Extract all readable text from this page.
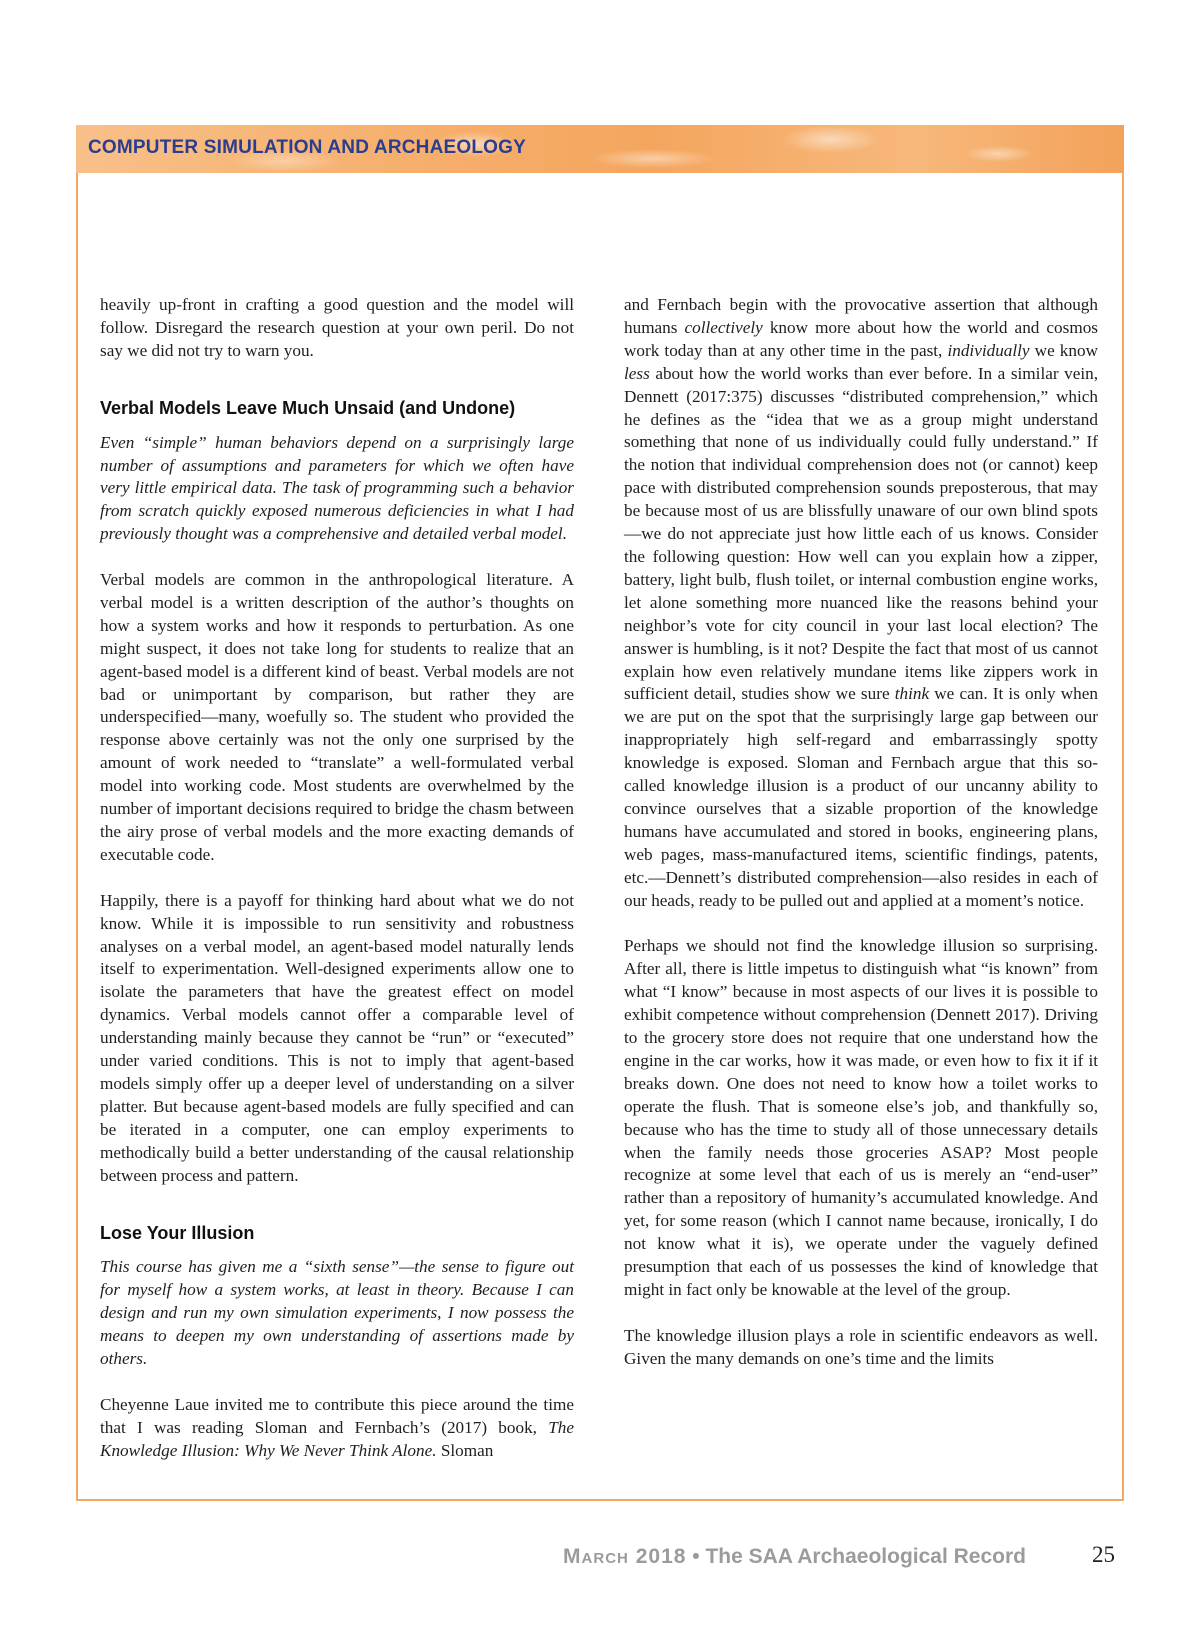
COMPUTER SIMULATION AND ARCHAEOLOGY

heavily up-front in crafting a good question and the model will follow. Disregard the research question at your own peril. Do not say we did not try to warn you.

Verbal Models Leave Much Unsaid (and Undone)

Even “simple” human behaviors depend on a surprisingly large number of assumptions and parameters for which we often have very little empirical data. The task of programming such a behavior from scratch quickly exposed numerous deficiencies in what I had previously thought was a comprehensive and detailed verbal model.

Verbal models are common in the anthropological literature. A verbal model is a written description of the author’s thoughts on how a system works and how it responds to perturbation. As one might suspect, it does not take long for students to realize that an agent-based model is a different kind of beast. Verbal models are not bad or unimportant by comparison, but rather they are underspecified—many, woefully so. The student who provided the response above certainly was not the only one surprised by the amount of work needed to “translate” a well-formulated verbal model into working code. Most students are overwhelmed by the number of important decisions required to bridge the chasm between the airy prose of verbal models and the more exacting demands of executable code.

Happily, there is a payoff for thinking hard about what we do not know. While it is impossible to run sensitivity and robustness analyses on a verbal model, an agent-based model naturally lends itself to experimentation. Well-designed experiments allow one to isolate the parameters that have the greatest effect on model dynamics. Verbal models cannot offer a comparable level of understanding mainly because they cannot be “run” or “executed” under varied conditions. This is not to imply that agent-based models simply offer up a deeper level of understanding on a silver platter. But because agent-based models are fully specified and can be iterated in a computer, one can employ experiments to methodically build a better understanding of the causal relationship between process and pattern.

Lose Your Illusion

This course has given me a “sixth sense”—the sense to figure out for myself how a system works, at least in theory. Because I can design and run my own simulation experiments, I now possess the means to deepen my own understanding of assertions made by others.

Cheyenne Laue invited me to contribute this piece around the time that I was reading Sloman and Fernbach’s (2017) book, The Knowledge Illusion: Why We Never Think Alone. Sloman

and Fernbach begin with the provocative assertion that although humans collectively know more about how the world and cosmos work today than at any other time in the past, individually we know less about how the world works than ever before. In a similar vein, Dennett (2017:375) discusses “distributed comprehension,” which he defines as the “idea that we as a group might understand something that none of us individually could fully understand.” If the notion that individual comprehension does not (or cannot) keep pace with distributed comprehension sounds preposterous, that may be because most of us are blissfully unaware of our own blind spots—we do not appreciate just how little each of us knows. Consider the following question: How well can you explain how a zipper, battery, light bulb, flush toilet, or internal combustion engine works, let alone something more nuanced like the reasons behind your neighbor’s vote for city council in your last local election? The answer is humbling, is it not? Despite the fact that most of us cannot explain how even relatively mundane items like zippers work in sufficient detail, studies show we sure think we can. It is only when we are put on the spot that the surprisingly large gap between our inappropriately high self-regard and embarrassingly spotty knowledge is exposed. Sloman and Fernbach argue that this so-called knowledge illusion is a product of our uncanny ability to convince ourselves that a sizable proportion of the knowledge humans have accumulated and stored in books, engineering plans, web pages, mass-manufactured items, scientific findings, patents, etc.—Dennett’s distributed comprehension—also resides in each of our heads, ready to be pulled out and applied at a moment’s notice.

Perhaps we should not find the knowledge illusion so surprising. After all, there is little impetus to distinguish what “is known” from what “I know” because in most aspects of our lives it is possible to exhibit competence without comprehension (Dennett 2017). Driving to the grocery store does not require that one understand how the engine in the car works, how it was made, or even how to fix it if it breaks down. One does not need to know how a toilet works to operate the flush. That is someone else’s job, and thankfully so, because who has the time to study all of those unnecessary details when the family needs those groceries ASAP? Most people recognize at some level that each of us is merely an “end-user” rather than a repository of humanity’s accumulated knowledge. And yet, for some reason (which I cannot name because, ironically, I do not know what it is), we operate under the vaguely defined presumption that each of us possesses the kind of knowledge that might in fact only be knowable at the level of the group.

The knowledge illusion plays a role in scientific endeavors as well. Given the many demands on one’s time and the limits

March 2018 • The SAA Archaeological Record	25
